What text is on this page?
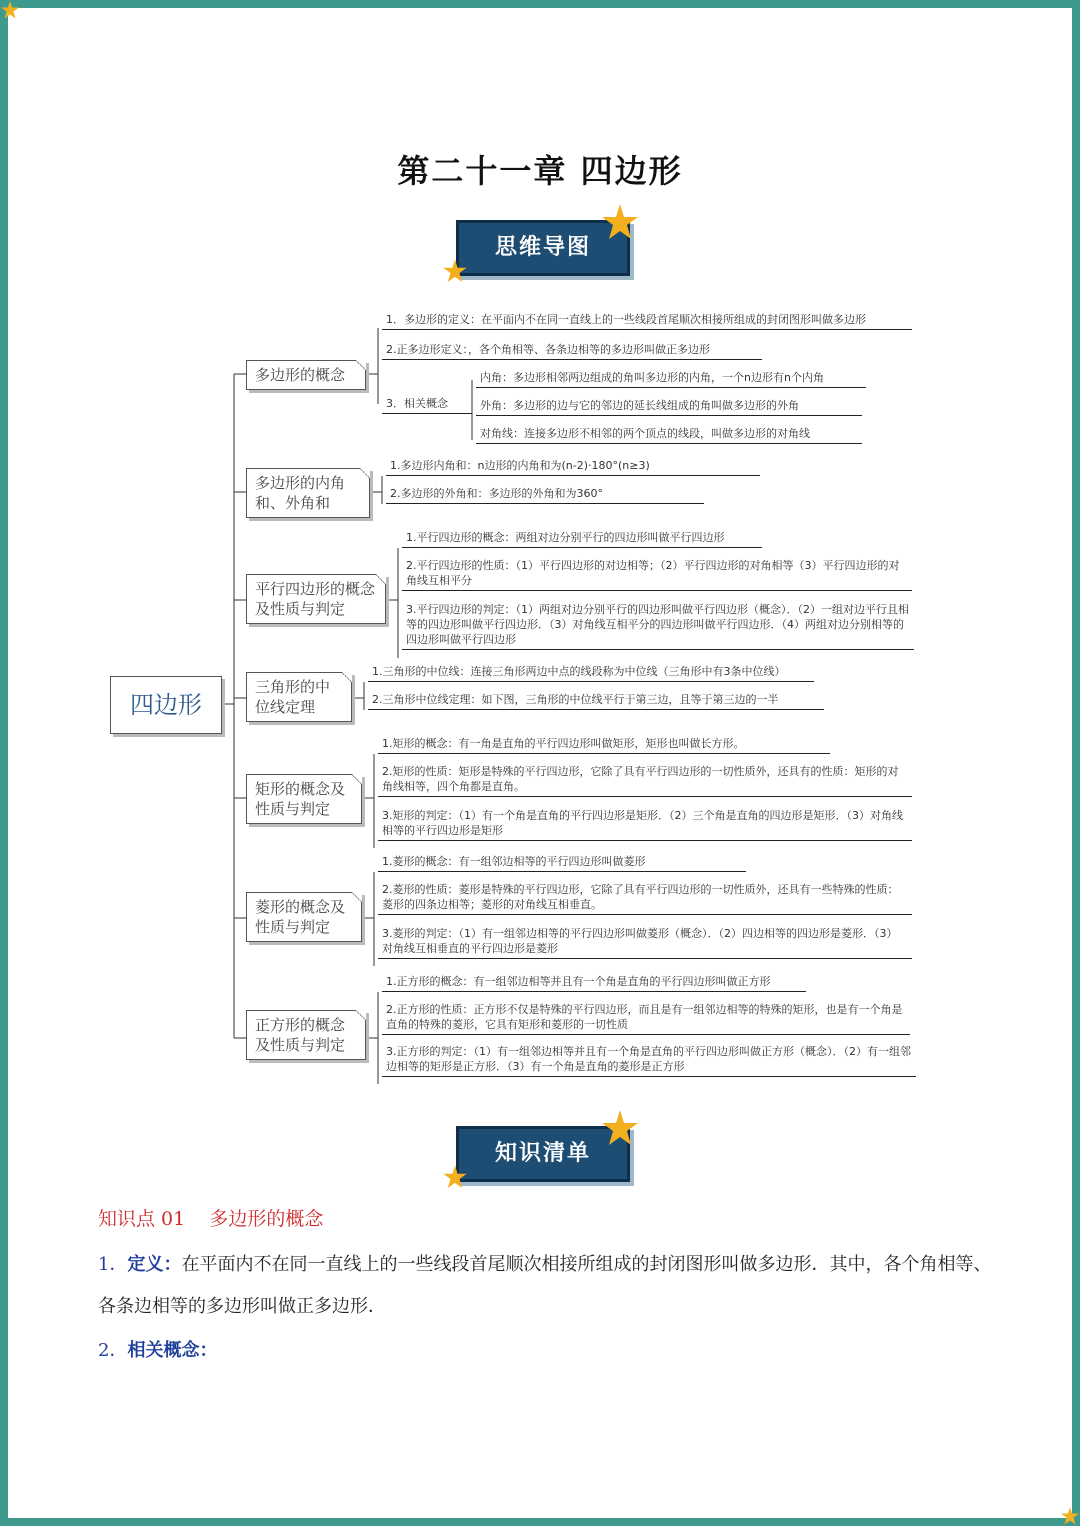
第二十一章 四边形
思维导图
四边形
多边形的概念
1．多边形的定义：在平面内不在同一直线上的一些线段首尾顺次相接所组成的封闭图形叫做多边形
2.正多边形定义：，各个角相等、各条边相等的多边形叫做正多边形
3．相关概念
内角：多边形相邻两边组成的角叫多边形的内角，一个n边形有n个内角
外角：多边形的边与它的邻边的延长线组成的角叫做多边形的外角
对角线：连接多边形不相邻的两个顶点的线段，叫做多边形的对角线
多边形的内角和、外角和
1.多边形内角和：n边形的内角和为(n-2)·180°(n≥3)
2.多边形的外角和：多边形的外角和为360°
平行四边形的概念及性质与判定
1.平行四边形的概念：两组对边分别平行的四边形叫做平行四边形
2.平行四边形的性质：（1）平行四边形的对边相等；（2）平行四边形的对角相等（3）平行四边形的对角线互相平分
3.平行四边形的判定：（1）两组对边分别平行的四边形叫做平行四边形（概念）．（2）一组对边平行且相等的四边形叫做平行四边形．（3）对角线互相平分的四边形叫做平行四边形．（4）两组对边分别相等的四边形叫做平行四边形
三角形的中位线定理
1.三角形的中位线：连接三角形两边中点的线段称为中位线（三角形中有3条中位线）
2.三角形中位线定理：如下图，三角形的中位线平行于第三边，且等于第三边的一半
矩形的概念及性质与判定
1.矩形的概念：有一角是直角的平行四边形叫做矩形，矩形也叫做长方形。
2.矩形的性质：矩形是特殊的平行四边形，它除了具有平行四边形的一切性质外，还具有的性质：矩形的对角线相等，四个角都是直角。
3.矩形的判定：（1）有一个角是直角的平行四边形是矩形．（2）三个角是直角的四边形是矩形．（3）对角线相等的平行四边形是矩形
菱形的概念及性质与判定
1.菱形的概念：有一组邻边相等的平行四边形叫做菱形
2.菱形的性质：菱形是特殊的平行四边形，它除了具有平行四边形的一切性质外，还具有一些特殊的性质：菱形的四条边相等；菱形的对角线互相垂直。
3.菱形的判定：（1）有一组邻边相等的平行四边形叫做菱形（概念）．（2）四边相等的四边形是菱形．（3）对角线互相垂直的平行四边形是菱形
正方形的概念及性质与判定
1.正方形的概念：有一组邻边相等并且有一个角是直角的平行四边形叫做正方形
2.正方形的性质：正方形不仅是特殊的平行四边形，而且是有一组邻边相等的特殊的矩形，也是有一个角是直角的特殊的菱形，它具有矩形和菱形的一切性质
3.正方形的判定：（1）有一组邻边相等并且有一个角是直角的平行四边形叫做正方形（概念）．（2）有一组邻边相等的矩形是正方形．（3）有一个角是直角的菱形是正方形
知识清单
知识点 01 多边形的概念
1．定义：在平面内不在同一直线上的一些线段首尾顺次相接所组成的封闭图形叫做多边形．其中，各个角相等、各条边相等的多边形叫做正多边形．
2．相关概念：
